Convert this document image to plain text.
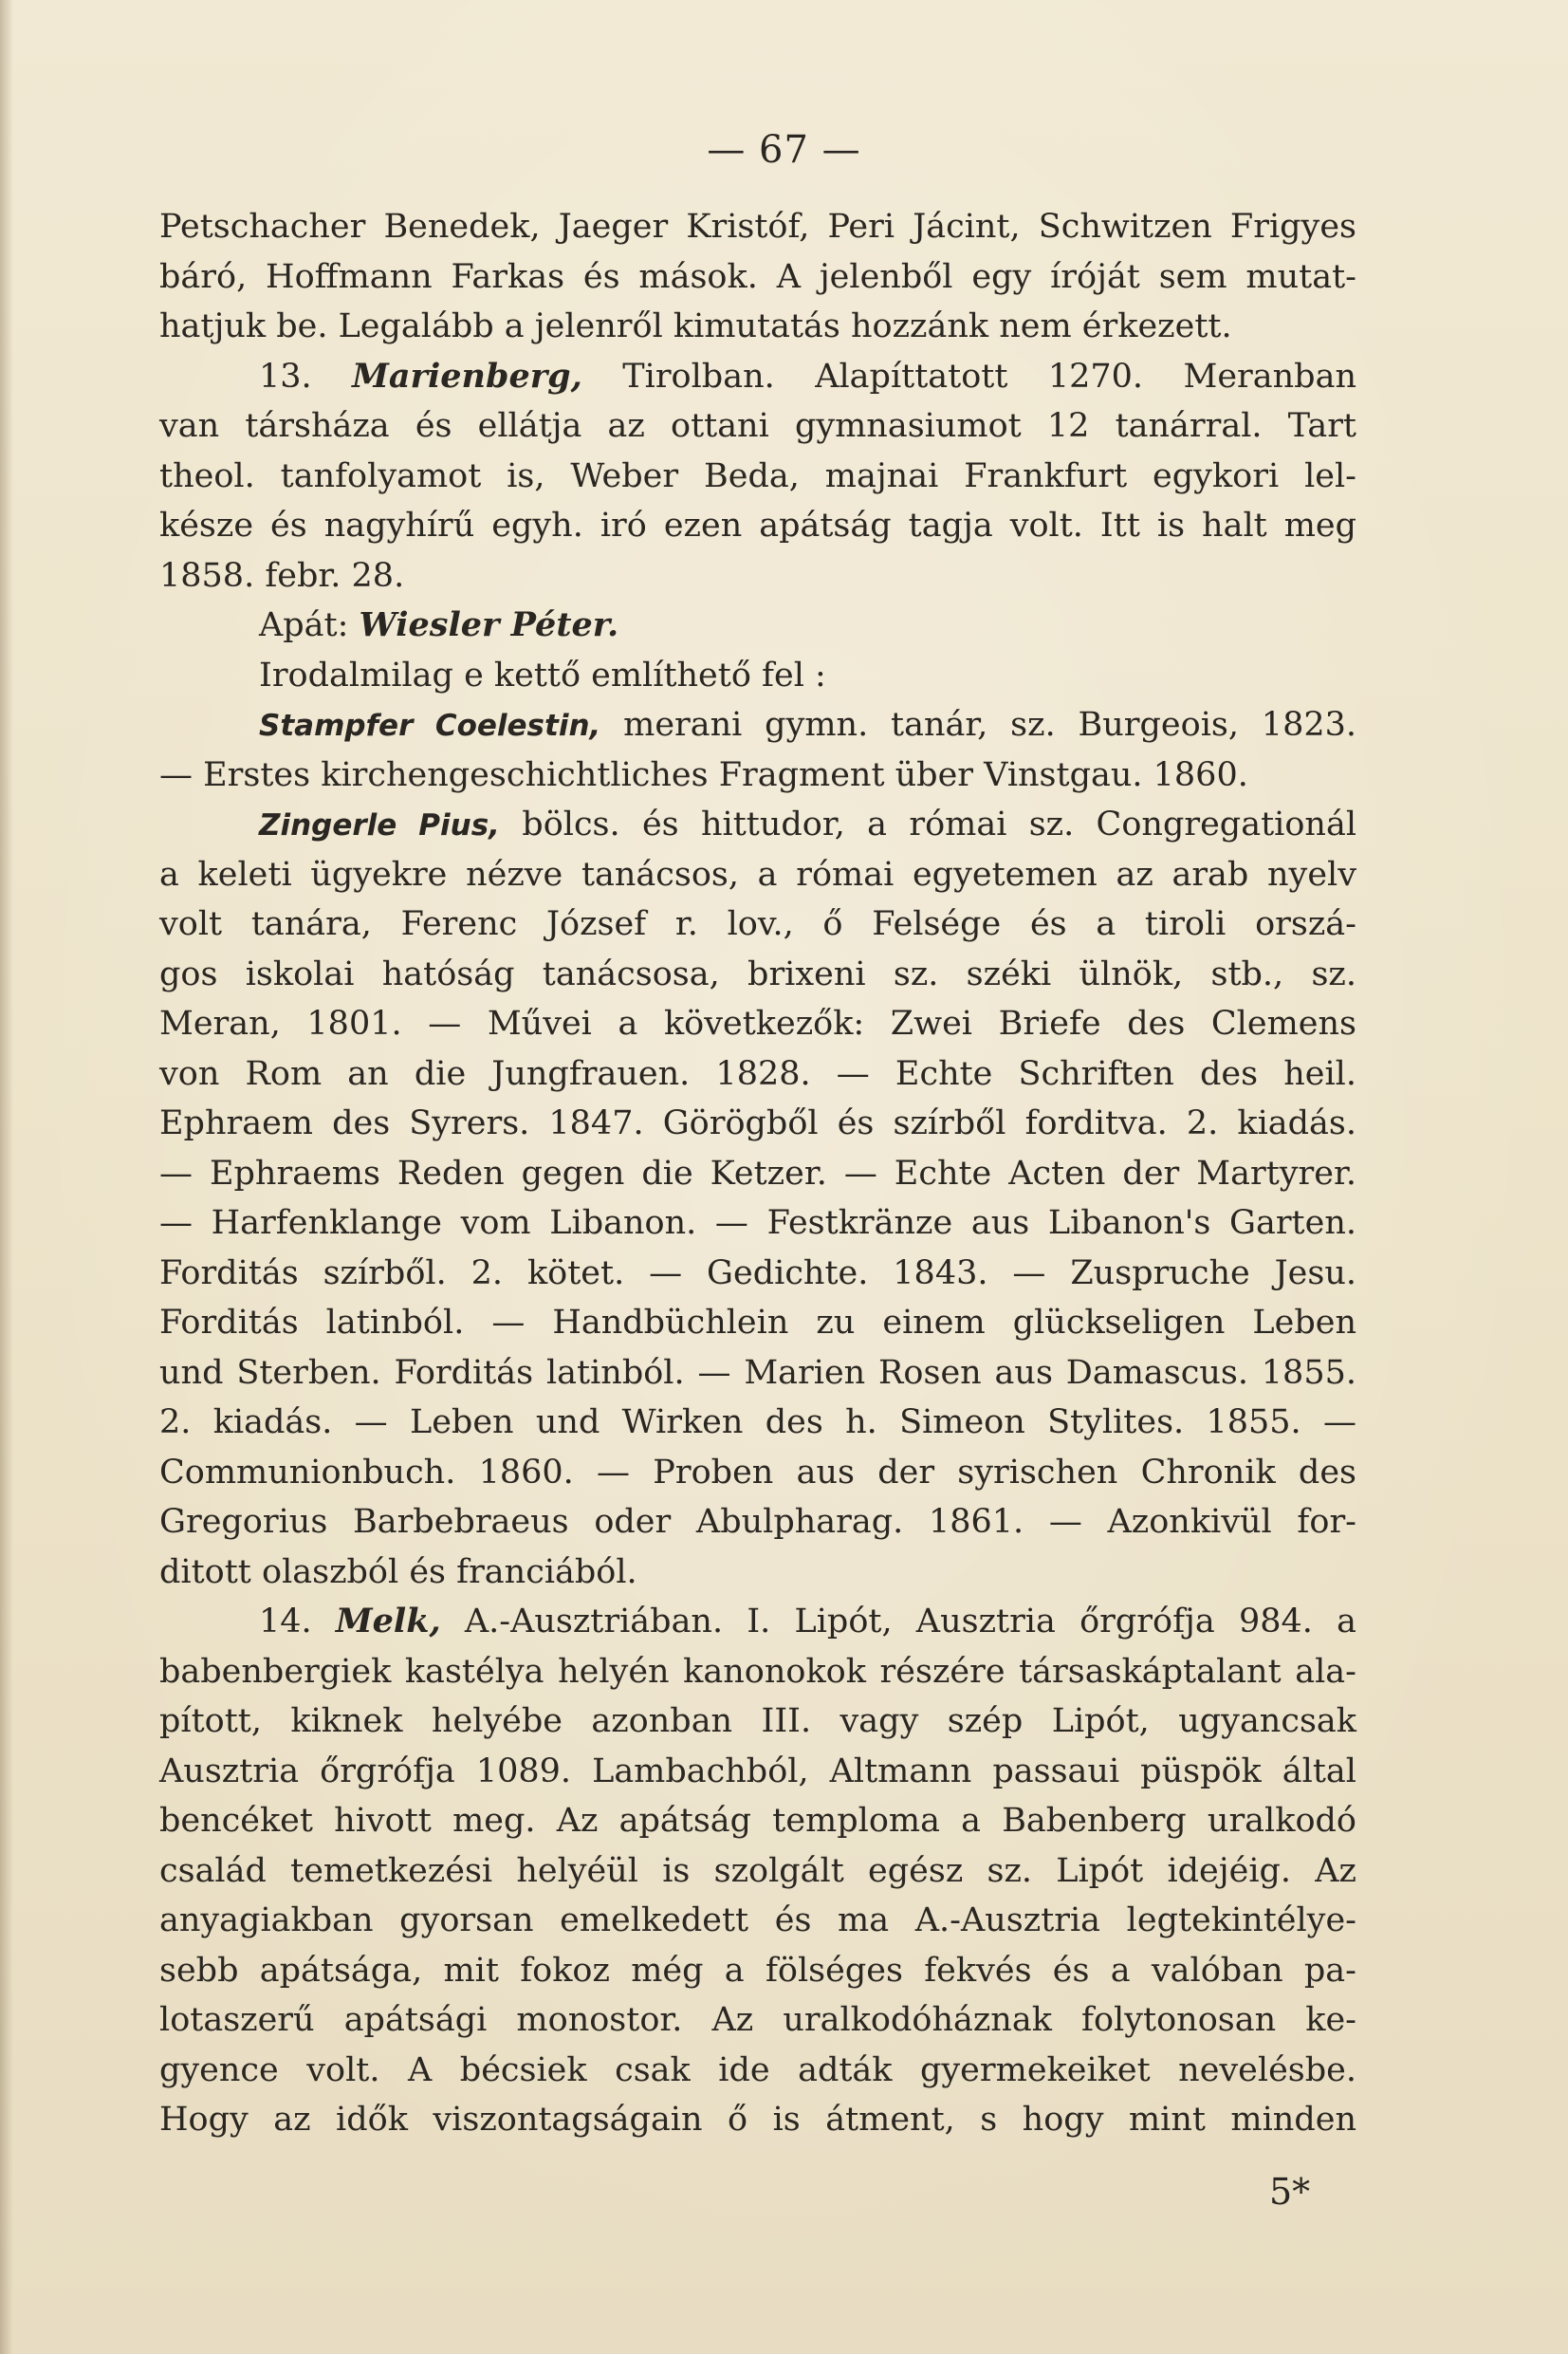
— 67 —
Petschacher Benedek, Jaeger Kristóf, Peri Jácint, Schwitzen Frigyes
báró, Hoffmann Farkas és mások. A jelenből egy íróját sem mutat-
hatjuk be. Legalább a jelenről kimutatás hozzánk nem érkezett.
13. Marienberg, Tirolban. Alapíttatott 1270. Meranban
van társháza és ellátja az ottani gymnasiumot 12 tanárral. Tart
theol. tanfolyamot is, Weber Beda, majnai Frankfurt egykori lel-
késze és nagyhírű egyh. iró ezen apátság tagja volt. Itt is halt meg
1858. febr. 28.
Apát: Wiesler Péter.
Irodalmilag e kettő említhető fel :
Stampfer Coelestin, merani gymn. tanár, sz. Burgeois, 1823.
— Erstes kirchengeschichtliches Fragment über Vinstgau. 1860.
Zingerle Pius, bölcs. és hittudor, a római sz. Congregationál
a keleti ügyekre nézve tanácsos, a római egyetemen az arab nyelv
volt tanára, Ferenc József r. lov., ő Felsége és a tiroli orszá-
gos iskolai hatóság tanácsosa, brixeni sz. széki ülnök, stb., sz.
Meran, 1801. — Művei a következők: Zwei Briefe des Clemens
von Rom an die Jungfrauen. 1828. — Echte Schriften des heil.
Ephraem des Syrers. 1847. Görögből és szírből forditva. 2. kiadás.
— Ephraems Reden gegen die Ketzer. — Echte Acten der Martyrer.
— Harfenklange vom Libanon. — Festkränze aus Libanon's Garten.
Forditás szírből. 2. kötet. — Gedichte. 1843. — Zuspruche Jesu.
Forditás latinból. — Handbüchlein zu einem glückseligen Leben
und Sterben. Forditás latinból. — Marien Rosen aus Damascus. 1855.
2. kiadás. — Leben und Wirken des h. Simeon Stylites. 1855. —
Communionbuch. 1860. — Proben aus der syrischen Chronik des
Gregorius Barbebraeus oder Abulpharag. 1861. — Azonkivül for-
ditott olaszból és franciából.
14. Melk, A.-Ausztriában. I. Lipót, Ausztria őrgrófja 984. a
babenbergiek kastélya helyén kanonokok részére társaskáptalant ala-
pított, kiknek helyébe azonban III. vagy szép Lipót, ugyancsak
Ausztria őrgrófja 1089. Lambachból, Altmann passaui püspök által
bencéket hivott meg. Az apátság temploma a Babenberg uralkodó
család temetkezési helyéül is szolgált egész sz. Lipót idejéig. Az
anyagiakban gyorsan emelkedett és ma A.-Ausztria legtekintélye-
sebb apátsága, mit fokoz még a fölséges fekvés és a valóban pa-
lotaszerű apátsági monostor. Az uralkodóháznak folytonosan ke-
gyence volt. A bécsiek csak ide adták gyermekeiket nevelésbe.
Hogy az idők viszontagságain ő is átment, s hogy mint minden
5*
